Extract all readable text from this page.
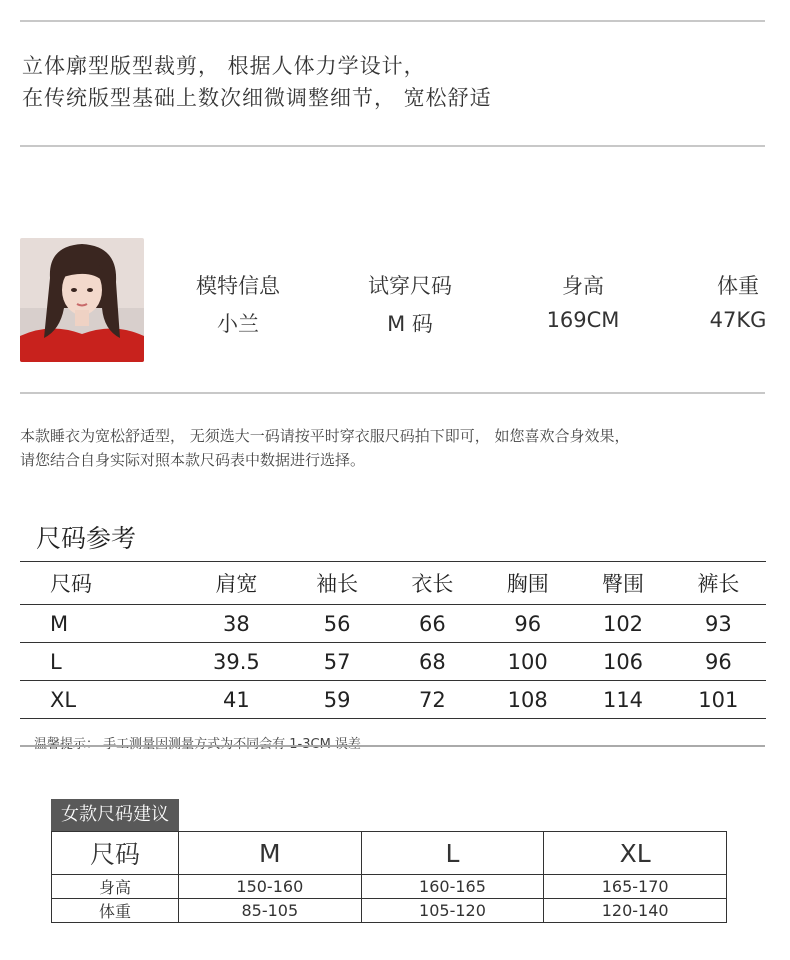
立体廓型版型裁剪， 根据人体力学设计，
在传统版型基础上数次细微调整细节， 宽松舒适
模特信息
小兰
试穿尺码
M 码
身高
169CM
体重
47KG
本款睡衣为宽松舒适型， 无须选大一码请按平时穿衣服尺码拍下即可， 如您喜欢合身效果，
请您结合自身实际对照本款尺码表中数据进行选择。
尺码参考
尺码	肩宽	袖长	衣长	胸围	臀围	裤长
M	38	56	66	96	102	93
L	39.5	57	68	100	106	96
XL	41	59	72	108	114	101
女款尺码建议
尺码	M	L	XL
身高	150-160	160-165	165-170
体重	85-105	105-120	120-140
